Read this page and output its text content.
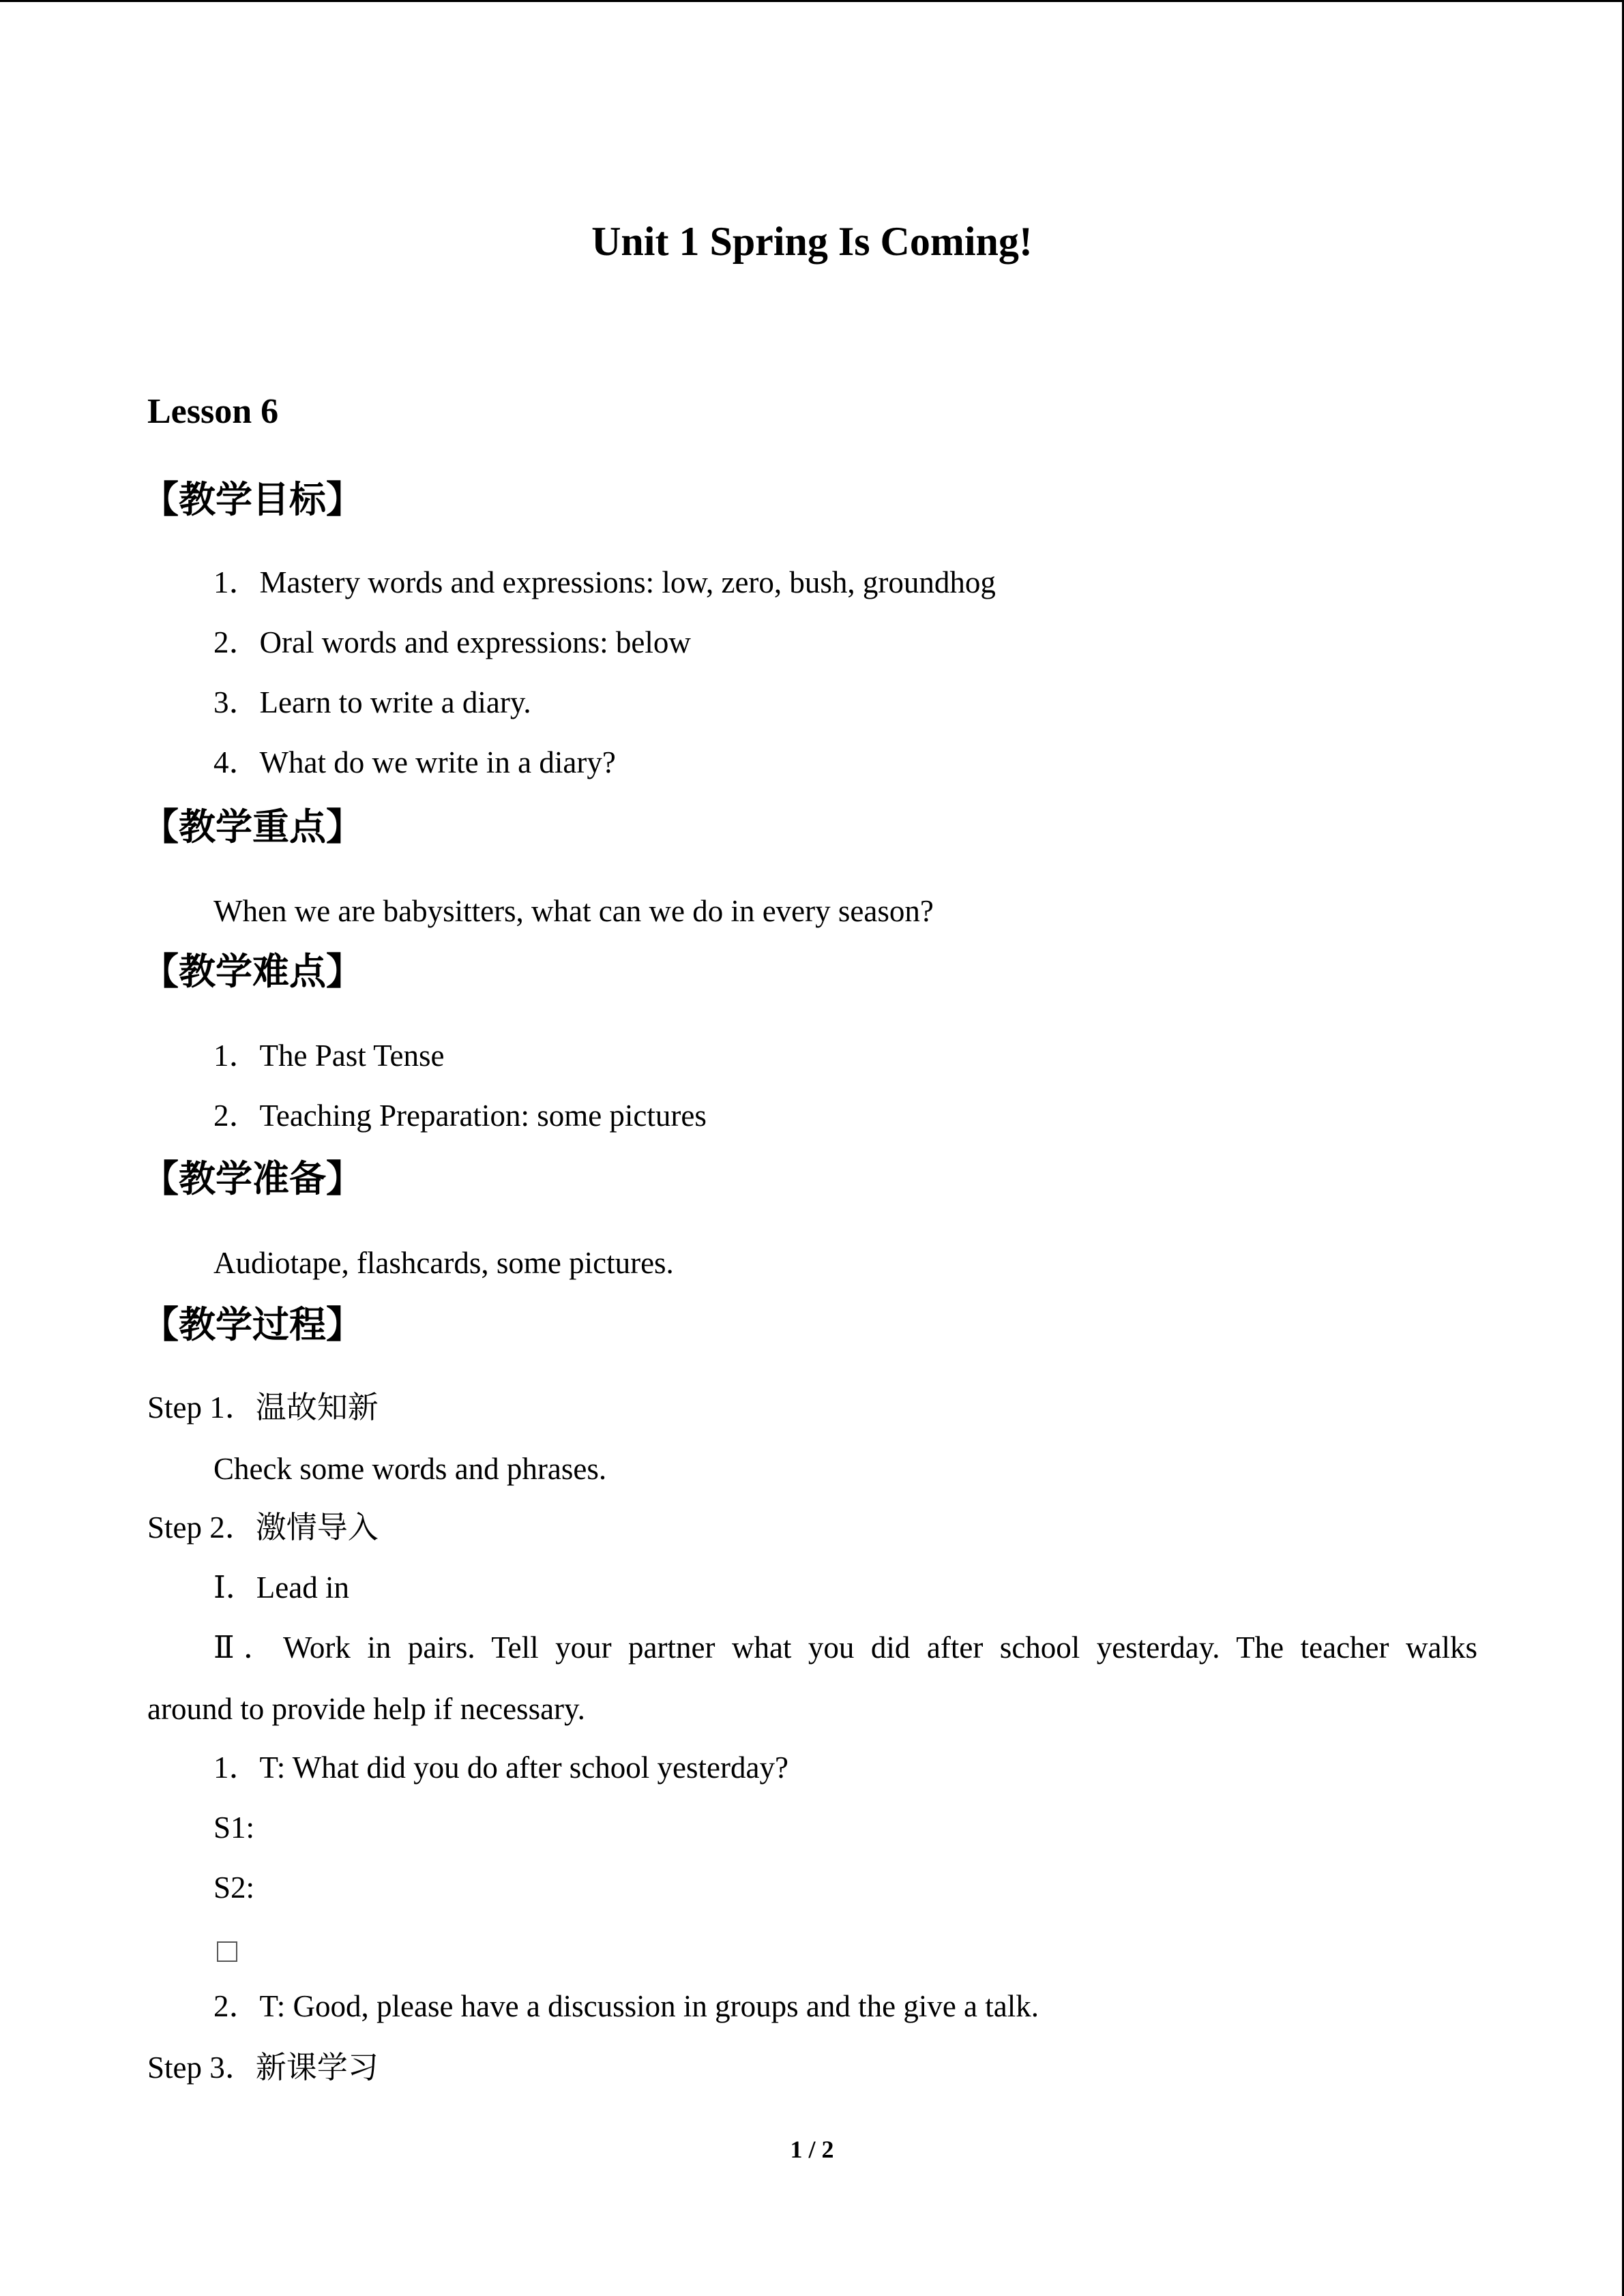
Unit 1 Spring Is Coming!
Lesson 6
【教学目标】
1．Mastery words and expressions: low, zero, bush, groundhog
2．Oral words and expressions: below
3．Learn to write a diary.
4．What do we write in a diary?
【教学重点】
When we are babysitters, what can we do in every season?
【教学难点】
1．The Past Tense
2．Teaching Preparation: some pictures
【教学准备】
Audiotape, flashcards, some pictures.
【教学过程】
Step 1．温故知新
Check some words and phrases.
Step 2．激情导入
Ⅰ．Lead in
Ⅱ．Work in pairs. Tell your partner what you did after school yesterday. The teacher walks
around to provide help if necessary.
1．T: What did you do after school yesterday?
S1:
S2:
2．T: Good, please have a discussion in groups and the give a talk.
Step 3．新课学习
1 / 2
